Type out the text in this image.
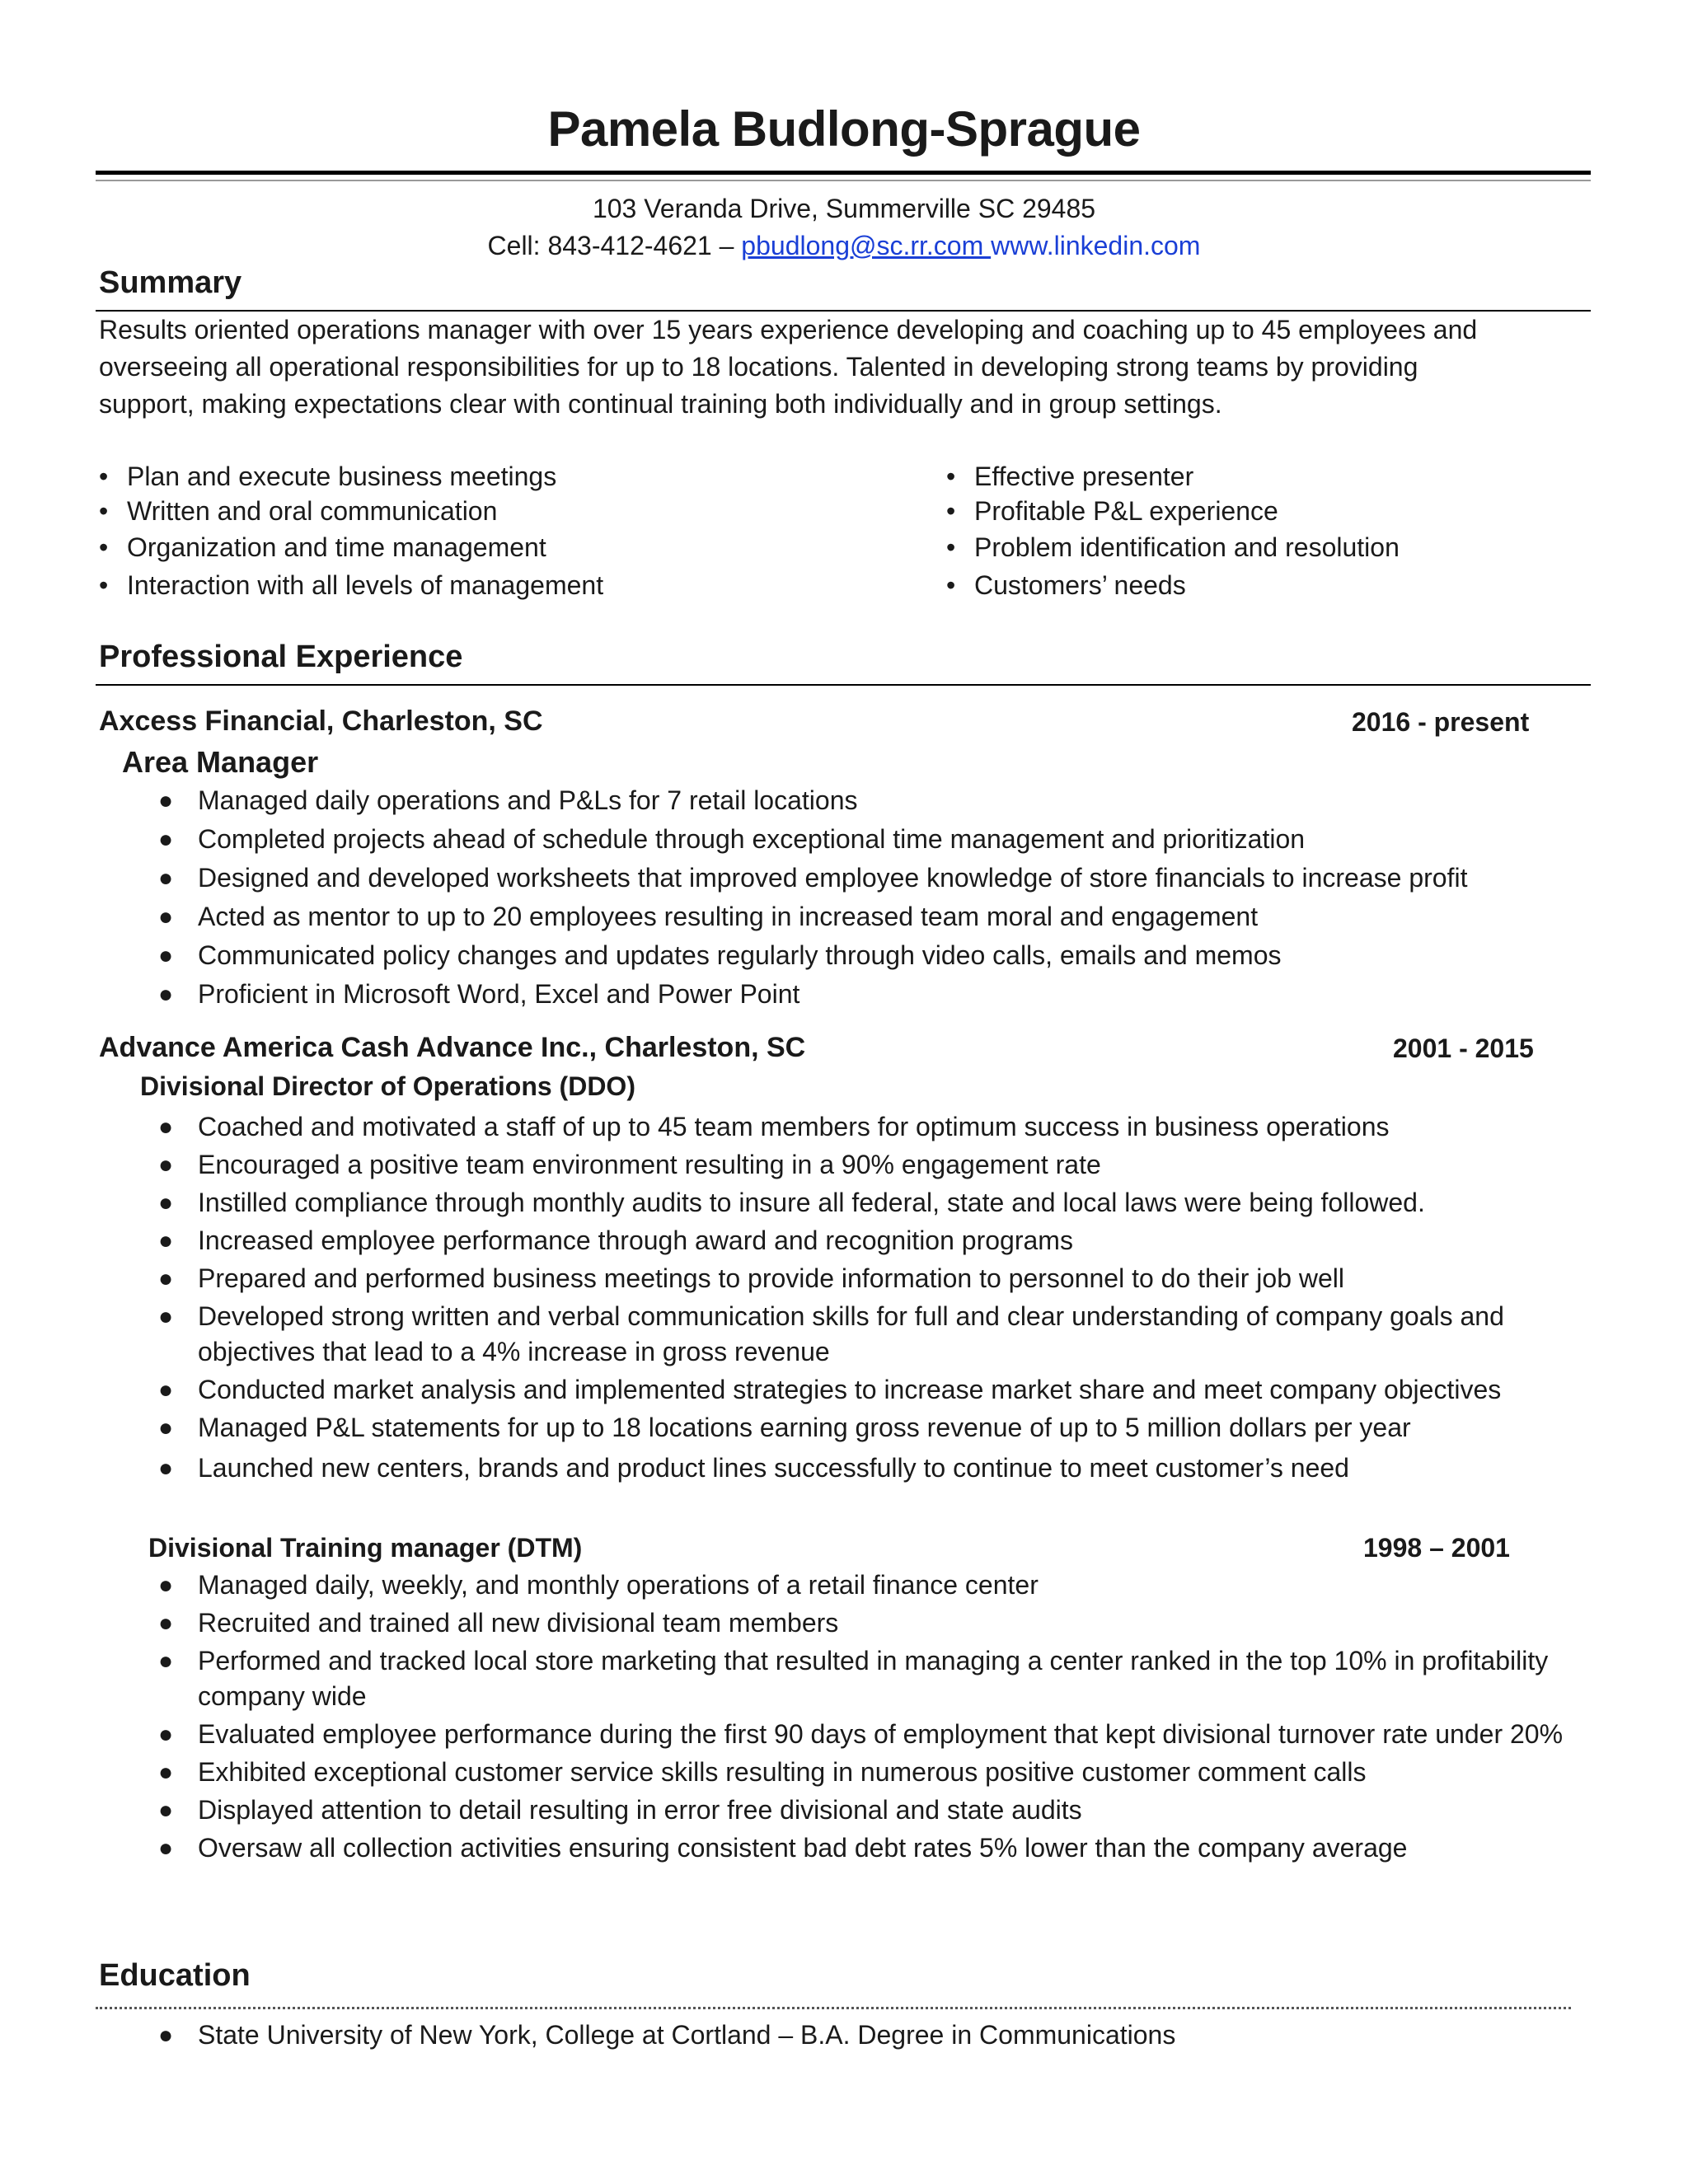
Pamela Budlong-Sprague
103 Veranda Drive, Summerville SC 29485
Cell: 843-412-4621 – pbudlong@sc.rr.com www.linkedin.com
Summary
Results oriented operations manager with over 15 years experience developing and coaching up to 45 employees and
overseeing all operational responsibilities for up to 18 locations. Talented in developing strong teams by providing
support, making expectations clear with continual training both individually and in group settings.
• Plan and execute business meetings
• Written and oral communication
• Organization and time management
• Interaction with all levels of management
• Effective presenter
• Profitable P&L experience
• Problem identification and resolution
• Customers’ needs
Professional Experience
Axcess Financial, Charleston, SC	2016 - present
Area Manager
● Managed daily operations and P&Ls for 7 retail locations
● Completed projects ahead of schedule through exceptional time management and prioritization
● Designed and developed worksheets that improved employee knowledge of store financials to increase profit
● Acted as mentor to up to 20 employees resulting in increased team moral and engagement
● Communicated policy changes and updates regularly through video calls, emails and memos
● Proficient in Microsoft Word, Excel and Power Point
Advance America Cash Advance Inc., Charleston, SC	2001 - 2015
Divisional Director of Operations (DDO)
● Coached and motivated a staff of up to 45 team members for optimum success in business operations
● Encouraged a positive team environment resulting in a 90% engagement rate
● Instilled compliance through monthly audits to insure all federal, state and local laws were being followed.
● Increased employee performance through award and recognition programs
● Prepared and performed business meetings to provide information to personnel to do their job well
● Developed strong written and verbal communication skills for full and clear understanding of company goals and objectives that lead to a 4% increase in gross revenue
● Conducted market analysis and implemented strategies to increase market share and meet company objectives
● Managed P&L statements for up to 18 locations earning gross revenue of up to 5 million dollars per year
● Launched new centers, brands and product lines successfully to continue to meet customer’s need
Divisional Training manager (DTM)	1998 – 2001
● Managed daily, weekly, and monthly operations of a retail finance center
● Recruited and trained all new divisional team members
● Performed and tracked local store marketing that resulted in managing a center ranked in the top 10% in profitability company wide
● Evaluated employee performance during the first 90 days of employment that kept divisional turnover rate under 20%
● Exhibited exceptional customer service skills resulting in numerous positive customer comment calls
● Displayed attention to detail resulting in error free divisional and state audits
● Oversaw all collection activities ensuring consistent bad debt rates 5% lower than the company average
Education
● State University of New York, College at Cortland – B.A. Degree in Communications
